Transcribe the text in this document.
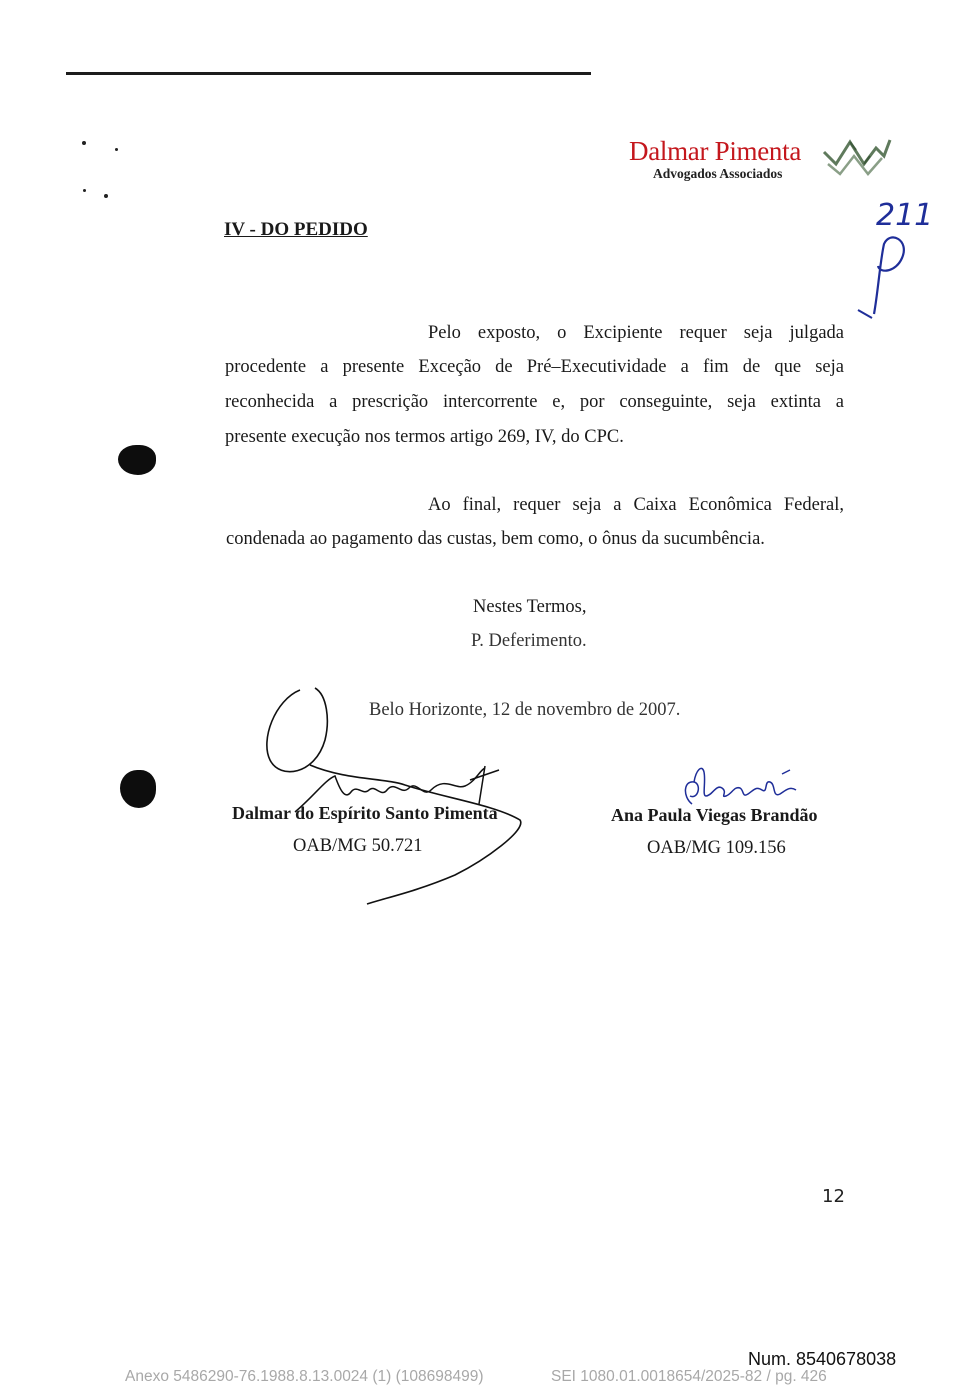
Dalmar Pimenta
Advogados Associados
211
IV - DO PEDIDO
Pelo exposto, o Excipiente requer seja julgada
procedente a presente Exceção de Pré–Executividade a fim de que seja
reconhecida a prescrição intercorrente e, por conseguinte, seja extinta a
presente execução nos termos artigo 269, IV, do CPC.
Ao final, requer seja a Caixa Econômica Federal,
condenada ao pagamento das custas, bem como, o ônus da sucumbência.
Nestes Termos,
P. Deferimento.
Belo Horizonte, 12 de novembro de 2007.
Dalmar do Espírito Santo Pimenta
OAB/MG 50.721
Ana Paula Viegas Brandão
OAB/MG 109.156
12
Num. 8540678038
Anexo 5486290-76.1988.8.13.0024 (1) (108698499)	SEI 1080.01.0018654/2025-82 / pg. 426
